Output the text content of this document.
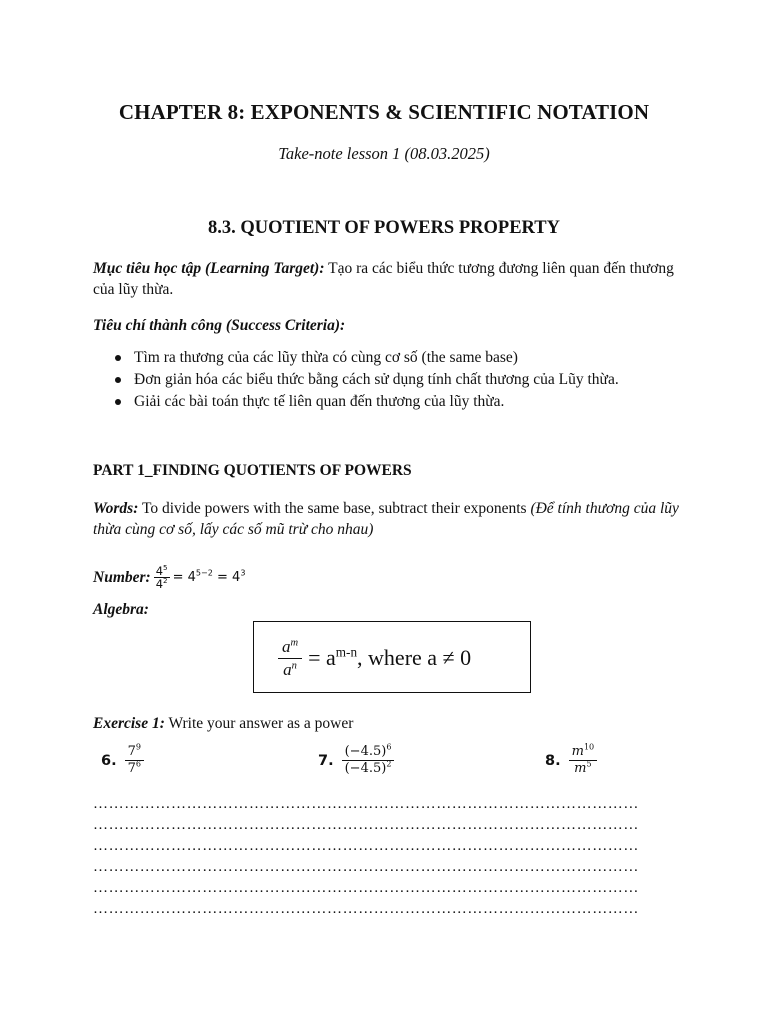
CHAPTER 8: EXPONENTS & SCIENTIFIC NOTATION
Take-note lesson 1 (08.03.2025)
8.3. QUOTIENT OF POWERS PROPERTY
Mục tiêu học tập (Learning Target): Tạo ra các biểu thức tương đương liên quan đến thương của lũy thừa.
Tiêu chí thành công (Success Criteria):
Tìm ra thương của các lũy thừa có cùng cơ số (the same base)
Đơn giản hóa các biểu thức bằng cách sử dụng tính chất thương của Lũy thừa.
Giải các bài toán thực tế liên quan đến thương của lũy thừa.
PART 1_FINDING QUOTIENTS OF POWERS
Words: To divide powers with the same base, subtract their exponents (Để tính thương của lũy thừa cùng cơ số, lấy các số mũ trừ cho nhau)
Number: $\frac{4^5}{4^2} = 4^{5-2} = 4^3$
Algebra:
$\frac{a^m}{a^n} = a^{m-n}$, where a ≠ 0
Exercise 1: Write your answer as a power
6. $\frac{7^9}{7^6}$	7. $\frac{(-4.5)^6}{(-4.5)^2}$	8. $\frac{m^{10}}{m^5}$
……………………………………………………………………………………………
……………………………………………………………………………………………
……………………………………………………………………………………………
……………………………………………………………………………………………
……………………………………………………………………………………………
……………………………………………………………………………………………
